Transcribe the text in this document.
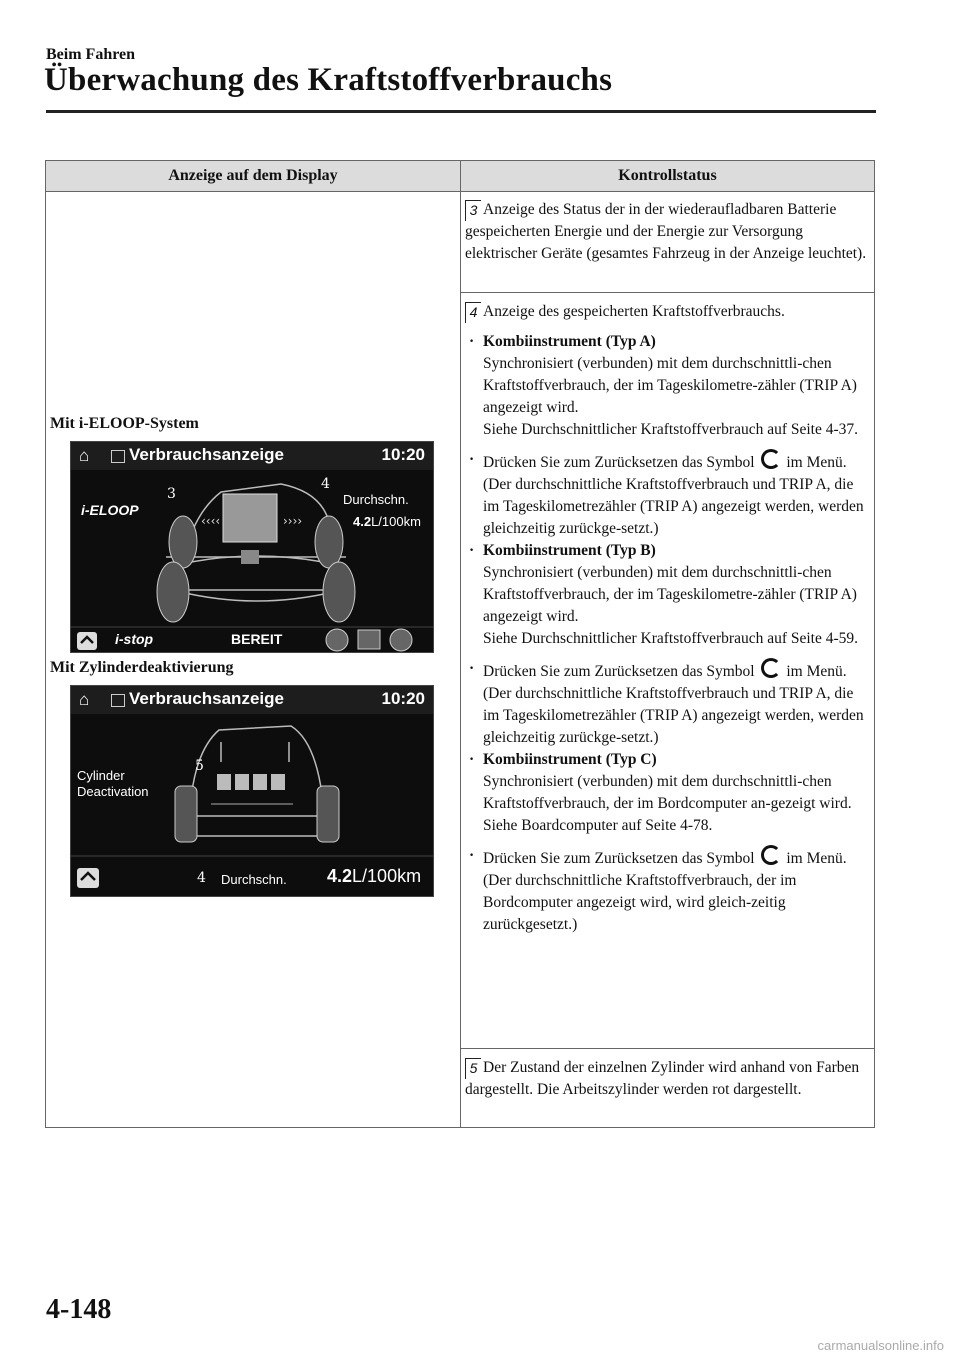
Beim Fahren
Überwachung des Kraftstoffverbrauchs
Anzeige auf dem Display	Kontrollstatus
Mit i-ELOOP-System
⌂ Verbrauchsanzeige	10:20
‹‹‹‹	››››
3
4
i-ELOOP
Durchschn.
4.2L/100km
i-stop	BEREIT
Mit Zylinderdeaktivierung
⌂ Verbrauchsanzeige	10:20
5
Cylinder
Deactivation
4 Durchschn. 4.2L/100km

3 Anzeige des Status der in der wiederaufladbaren Batterie gespeicherten Energie und der Energie zur Versorgung elektrischer Geräte (gesamtes Fahrzeug in der Anzeige leuchtet).

4 Anzeige des gespeicherten Kraftstoffverbrauchs.

· Kombiinstrument (Typ A)

Synchronisiert (verbunden) mit dem durchschnittli-chen Kraftstoffverbrauch, der im Tageskilometre-zähler (TRIP A) angezeigt wird.

Siehe Durchschnittlicher Kraftstoffverbrauch auf Seite 4-37.

· Drücken Sie zum Zurücksetzen das Symbol im Menü. (Der durchschnittliche Kraftstoffverbrauch und TRIP A, die im Tageskilometrezähler (TRIP A) angezeigt werden, werden gleichzeitig zurückge-setzt.)

· Kombiinstrument (Typ B)

Synchronisiert (verbunden) mit dem durchschnittli-chen Kraftstoffverbrauch, der im Tageskilometre-zähler (TRIP A) angezeigt wird.

Siehe Durchschnittlicher Kraftstoffverbrauch auf Seite 4-59.

· Drücken Sie zum Zurücksetzen das Symbol im Menü. (Der durchschnittliche Kraftstoffverbrauch und TRIP A, die im Tageskilometrezähler (TRIP A) angezeigt werden, werden gleichzeitig zurückge-setzt.)

· Kombiinstrument (Typ C)

Synchronisiert (verbunden) mit dem durchschnittli-chen Kraftstoffverbrauch, der im Bordcomputer an-gezeigt wird.

Siehe Boardcomputer auf Seite 4-78.

· Drücken Sie zum Zurücksetzen das Symbol im Menü. (Der durchschnittliche Kraftstoffverbrauch, der im Bordcomputer angezeigt wird, wird gleich-zeitig zurückgesetzt.)

5 Der Zustand der einzelnen Zylinder wird anhand von Farben dargestellt. Die Arbeitszylinder werden rot dargestellt.

4-148
carmanualsonline.info
